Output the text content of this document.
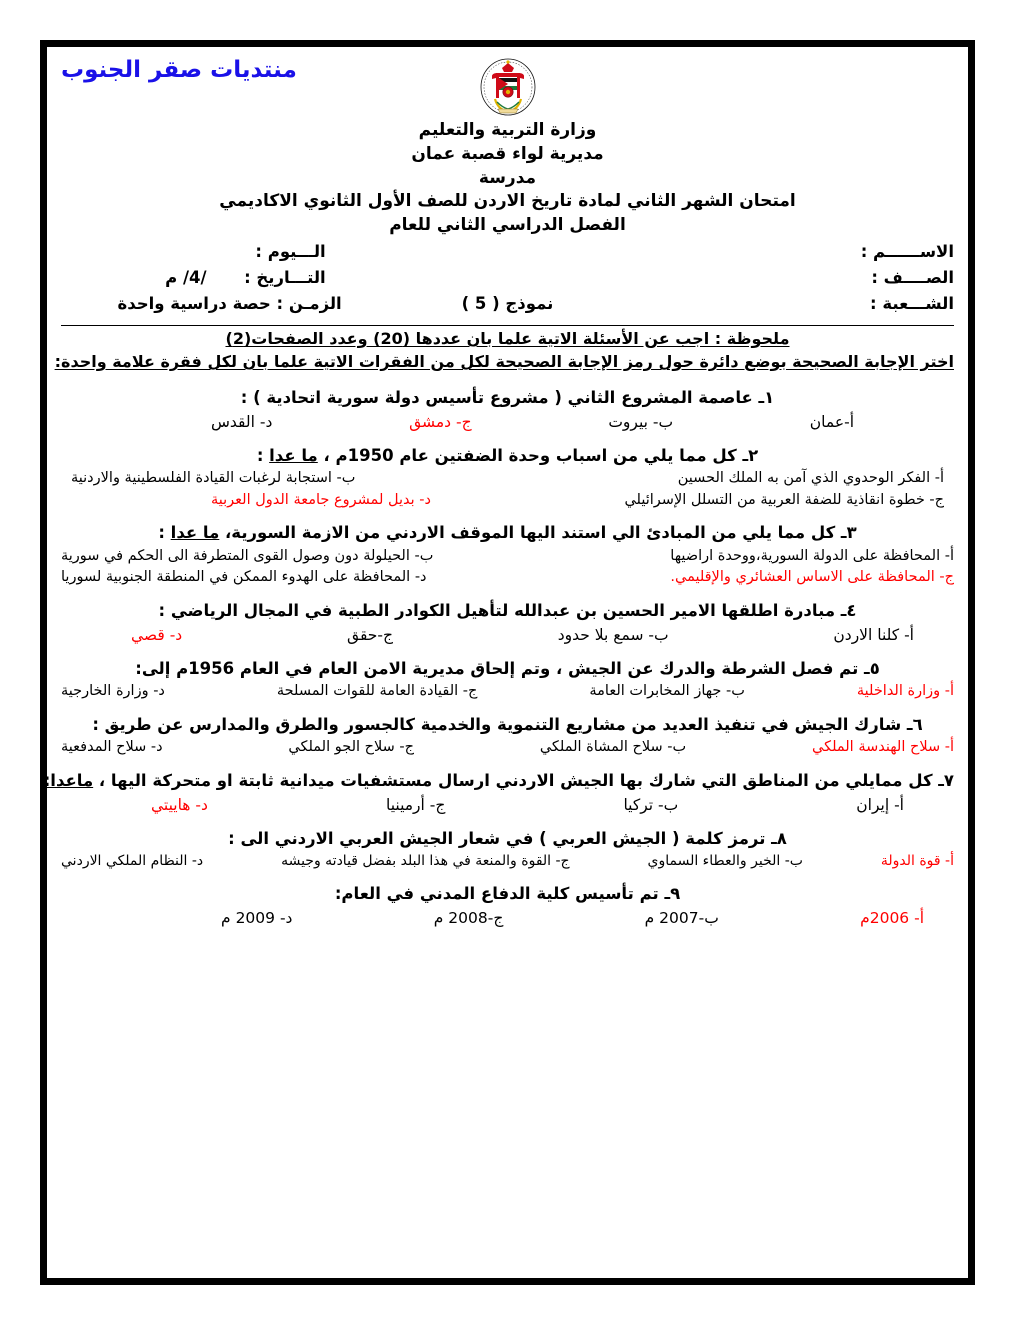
منتديات صقر الجنوب
وزارة التربية والتعليم
مديرية لواء قصبة عمان
مدرسة
امتحان الشهر الثاني لمادة تاريخ الاردن للصف الأول الثانوي الاكاديمي
الفصل الدراسي الثاني للعام
الاســــــم :
الـــيوم :
الصــــف :
التـــاريخ :  /4/ م
الشـــعبة :
نموذج ( 5 )
الزمـن : حصة دراسية واحدة
ملحوظة : اجب عن الأسئلة الاتية علما بان عددها (20) وعدد الصفحات(2)
اختر الإجابة الصحيحة بوضع دائرة حول رمز الإجابة الصحيحة لكل من الفقرات الاتية علما بان لكل فقرة علامة واحدة:
١ـ عاصمة المشروع الثاني ( مشروع تأسيس دولة سورية اتحادية ) :
أ-عمان
ب- بيروت
ج- دمشق
د- القدس
٢ـ كل مما يلي من اسباب وحدة الضفتين عام 1950م ، ما عدا :
أ- الفكر الوحدوي الذي آمن به الملك الحسين
ب- استجابة لرغبات القيادة الفلسطينية والاردنية
ج- خطوة انقاذية للضفة العربية من التسلل الإسرائيلي
د- بديل لمشروع جامعة الدول العربية
٣ـ كل مما يلي من المبادئ الي استند اليها الموقف الاردني من الازمة السورية، ما عدا :
أ- المحافظة على الدولة السورية،ووحدة اراضيها
ب- الحيلولة دون وصول القوى المتطرفة الى الحكم في سورية
ج- المحافظة على الاساس العشائري والإقليمي.
د- المحافظة على الهدوء الممكن في المنطقة الجنوبية لسوريا
٤ـ مبادرة اطلقها الامير الحسين بن عبدالله لتأهيل الكوادر الطبية في المجال الرياضي :
أ- كلنا الاردن
ب- سمع بلا حدود
ج-حقق
د- قصي
٥ـ تم فصل الشرطة والدرك عن الجيش ، وتم إلحاق مديرية الامن العام في العام 1956م إلى:
أ- وزارة الداخلية
ب- جهاز المخابرات العامة
ج- القيادة العامة للقوات المسلحة
د- وزارة الخارجية
٦ـ شارك الجيش في تنفيذ العديد من مشاريع التنموية والخدمية كالجسور والطرق والمدارس عن طريق :
أ- سلاح الهندسة الملكي
ب- سلاح المشاة الملكي
ج- سلاح الجو الملكي
د- سلاح المدفعية
٧ـ كل ممايلي من المناطق التي شارك بها الجيش الاردني ارسال مستشفيات ميدانية ثابتة او متحركة اليها ، ماعدا:
أ- إيران
ب- تركيا
ج- أرمينيا
د- هاييتي
٨ـ ترمز كلمة ( الجيش العربي ) في شعار الجيش العربي الاردني الى :
أ- قوة الدولة
ب- الخير والعطاء السماوي
ج- القوة والمنعة في هذا البلد بفضل قيادته وجيشه
د- النظام الملكي الاردني
٩ـ تم تأسيس كلية الدفاع المدني في العام:
أ- 2006م
ب-2007 م
ج-2008 م
د- 2009 م
